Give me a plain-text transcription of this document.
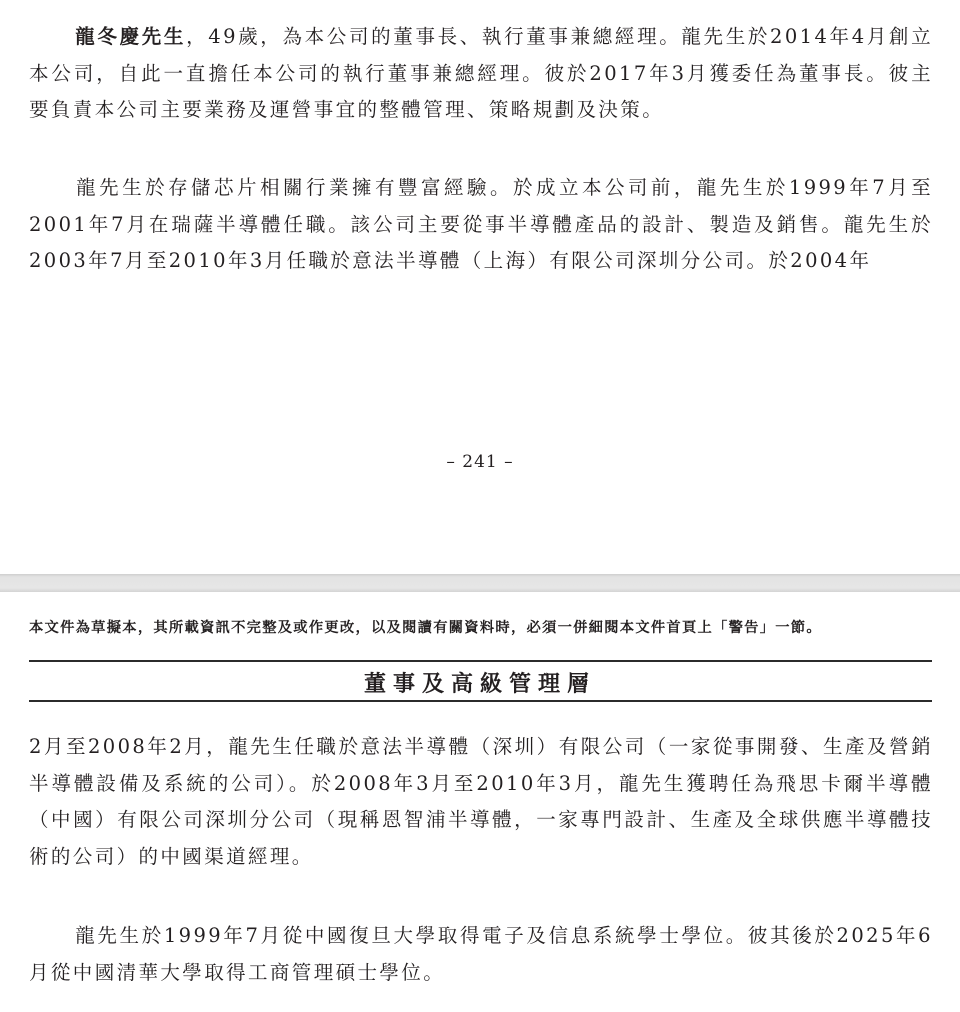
龍冬慶先生，49歲，為本公司的董事長、執行董事兼總經理。龍先生於2014年4月創立本公司，自此一直擔任本公司的執行董事兼總經理。彼於2017年3月獲委任為董事長。彼主要負責本公司主要業務及運營事宜的整體管理、策略規劃及決策。

龍先生於存儲芯片相關行業擁有豐富經驗。於成立本公司前，龍先生於1999年7月至2001年7月在瑞薩半導體任職。該公司主要從事半導體產品的設計、製造及銷售。龍先生於2003年7月至2010年3月任職於意法半導體（上海）有限公司深圳分公司。於2004年

– 241 –
本文件為草擬本，其所載資訊不完整及或作更改，以及閱讀有關資料時，必須一併細閱本文件首頁上「警告」一節。
董事及高級管理層

2月至2008年2月，龍先生任職於意法半導體（深圳）有限公司（一家從事開發、生產及營銷半導體設備及系統的公司）。於2008年3月至2010年3月，龍先生獲聘任為飛思卡爾半導體（中國）有限公司深圳分公司（現稱恩智浦半導體，一家專門設計、生產及全球供應半導體技術的公司）的中國渠道經理。

龍先生於1999年7月從中國復旦大學取得電子及信息系統學士學位。彼其後於2025年6月從中國清華大學取得工商管理碩士學位。
